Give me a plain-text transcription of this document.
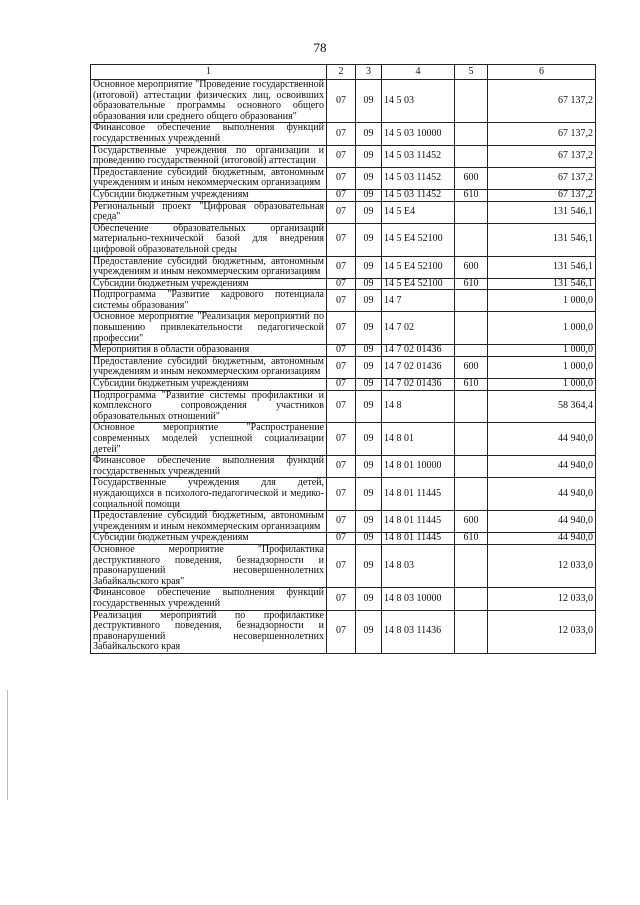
78
1	2	3	4	5	6
Основное мероприятие "Проведение государственной (итоговой) аттестации физических лиц, освоивших образовательные программы основного общего образования или среднего общего образования"	07	09	14 5 03		67 137,2
Финансовое обеспечение выполнения функций государственных учреждений	07	09	14 5 03 10000		67 137,2
Государственные учреждения по организации и проведению государственной (итоговой) аттестации	07	09	14 5 03 11452		67 137,2
Предоставление субсидий бюджетным, автономным учреждениям и иным некоммерческим организациям	07	09	14 5 03 11452	600	67 137,2
Субсидии бюджетным учреждениям	07	09	14 5 03 11452	610	67 137,2
Региональный проект "Цифровая образовательная среда"	07	09	14 5 E4		131 546,1
Обеспечение образовательных организаций материально-технической базой для внедрения цифровой образовательной среды	07	09	14 5 E4 52100		131 546,1
Предоставление субсидий бюджетным, автономным учреждениям и иным некоммерческим организациям	07	09	14 5 E4 52100	600	131 546,1
Субсидии бюджетным учреждениям	07	09	14 5 E4 52100	610	131 546,1
Подпрограмма "Развитие кадрового потенциала системы образования"	07	09	14 7		1 000,0
Основное мероприятие "Реализация мероприятий по повышению привлекательности педагогической профессии"	07	09	14 7 02		1 000,0
Мероприятия в области образования	07	09	14 7 02 01436		1 000,0
Предоставление субсидий бюджетным, автономным учреждениям и иным некоммерческим организациям	07	09	14 7 02 01436	600	1 000,0
Субсидии бюджетным учреждениям	07	09	14 7 02 01436	610	1 000,0
Подпрограмма "Развитие системы профилактики и комплексного сопровождения участников образовательных отношений"	07	09	14 8		58 364,4
Основное мероприятие "Распространение современных моделей успешной социализации детей"	07	09	14 8 01		44 940,0
Финансовое обеспечение выполнения функций государственных учреждений	07	09	14 8 01 10000		44 940,0
Государственные учреждения для детей, нуждающихся в психолого-педагогической и медико-социальной помощи	07	09	14 8 01 11445		44 940,0
Предоставление субсидий бюджетным, автономным учреждениям и иным некоммерческим организациям	07	09	14 8 01 11445	600	44 940,0
Субсидии бюджетным учреждениям	07	09	14 8 01 11445	610	44 940,0
Основное мероприятие "Профилактика деструктивного поведения, безнадзорности и правонарушений несовершеннолетних Забайкальского края"	07	09	14 8 03		12 033,0
Финансовое обеспечение выполнения функций государственных учреждений	07	09	14 8 03 10000		12 033,0
Реализация мероприятий по профилактике деструктивного поведения, безнадзорности и правонарушений несовершеннолетних Забайкальского края	07	09	14 8 03 11436		12 033,0
